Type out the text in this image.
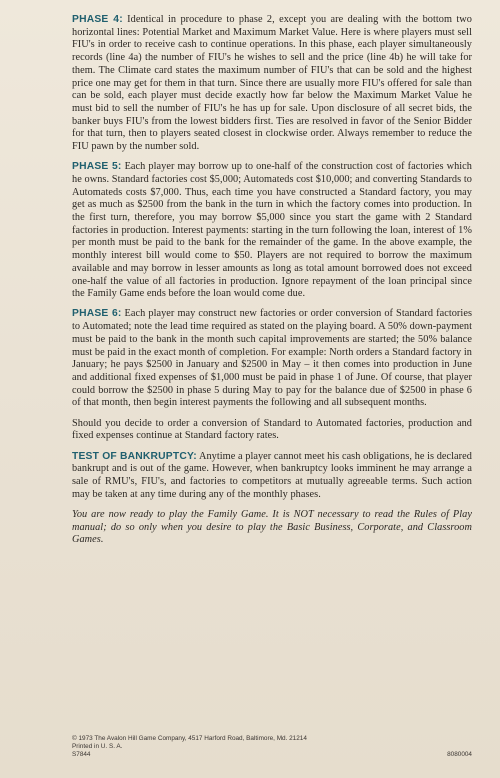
PHASE 4: Identical in procedure to phase 2, except you are dealing with the bottom two horizontal lines: Potential Market and Maximum Market Value. Here is where players must sell FIU's in order to receive cash to continue operations. In this phase, each player simultaneously records (line 4a) the number of FIU's he wishes to sell and the price (line 4b) he will take for them. The Climate card states the maximum number of FIU's that can be sold and the highest price one may get for them in that turn. Since there are usually more FIU's offered for sale than can be sold, each player must decide exactly how far below the Maximum Market Value he must bid to sell the number of FIU's he has up for sale. Upon disclosure of all secret bids, the banker buys FIU's from the lowest bidders first. Ties are resolved in favor of the Senior Bidder for that turn, then to players seated closest in clockwise order. Always remember to reduce the FIU pawn by the number sold.

PHASE 5: Each player may borrow up to one-half of the construction cost of factories which he owns. Standard factories cost $5,000; Automateds cost $10,000; and converting Standards to Automateds costs $7,000. Thus, each time you have constructed a Standard factory, you may get as much as $2500 from the bank in the turn in which the factory comes into production. In the first turn, therefore, you may borrow $5,000 since you start the game with 2 Standard factories in production. Interest payments: starting in the turn following the loan, interest of 1% per month must be paid to the bank for the remainder of the game. In the above example, the monthly interest bill would come to $50. Players are not required to borrow the maximum available and may borrow in lesser amounts as long as total amount borrowed does not exceed one-half the value of all factories in production. Ignore repayment of the loan principal since the Family Game ends before the loan would come due.

PHASE 6: Each player may construct new factories or order conversion of Standard factories to Automated; note the lead time required as stated on the playing board. A 50% down-payment must be paid to the bank in the month such capital improvements are started; the 50% balance must be paid in the exact month of completion. For example: North orders a Standard factory in January; he pays $2500 in January and $2500 in May – it then comes into production in June and additional fixed expenses of $1,000 must be paid in phase 1 of June. Of course, that player could borrow the $2500 in phase 5 during May to pay for the balance due of $2500 in phase 6 of that month, then begin interest payments the following and all subsequent months.

Should you decide to order a conversion of Standard to Automated factories, production and fixed expenses continue at Standard factory rates.

TEST OF BANKRUPTCY: Anytime a player cannot meet his cash obligations, he is declared bankrupt and is out of the game. However, when bankruptcy looks imminent he may arrange a sale of RMU's, FIU's, and factories to competitors at mutually agreeable terms. Such action may be taken at any time during any of the monthly phases.

You are now ready to play the Family Game. It is NOT necessary to read the Rules of Play manual; do so only when you desire to play the Basic Business, Corporate, and Classroom Games.

© 1973 The Avalon Hill Game Company, 4517 Harford Road, Baltimore, Md. 21214
Printed in U. S. A.
S7844	8080004
